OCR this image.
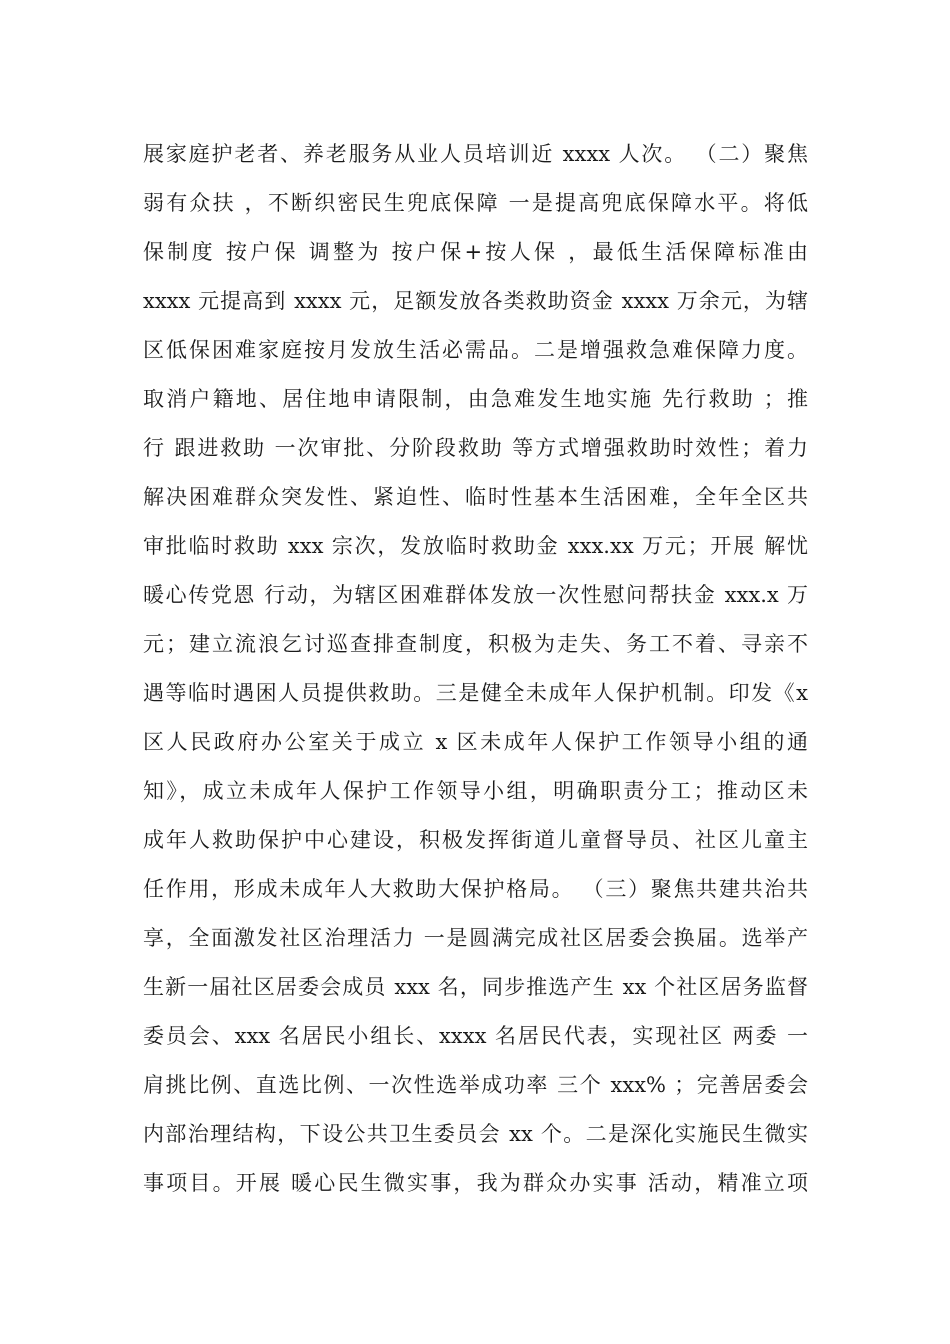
展家庭护老者、养老服务从业人员培训近 xxxx 人次。 （二）聚焦
弱有众扶 ，不断织密民生兜底保障 一是提高兜底保障水平。将低
保制度 按户保 调整为 按户保+按人保 ，最低生活保障标准由
xxxx 元提高到 xxxx 元，足额发放各类救助资金 xxxx 万余元，为辖
区低保困难家庭按月发放生活必需品。二是增强救急难保障力度。
取消户籍地、居住地申请限制，由急难发生地实施 先行救助 ；推
行 跟进救助 一次审批、分阶段救助 等方式增强救助时效性；着力
解决困难群众突发性、紧迫性、临时性基本生活困难，全年全区共
审批临时救助 xxx 宗次，发放临时救助金 xxx.xx 万元；开展 解忧
暖心传党恩 行动，为辖区困难群体发放一次性慰问帮扶金 xxx.x 万
元；建立流浪乞讨巡查排查制度，积极为走失、务工不着、寻亲不
遇等临时遇困人员提供救助。三是健全未成年人保护机制。印发《x
区人民政府办公室关于成立 x 区未成年人保护工作领导小组的通
知》，成立未成年人保护工作领导小组，明确职责分工；推动区未
成年人救助保护中心建设，积极发挥街道儿童督导员、社区儿童主
任作用，形成未成年人大救助大保护格局。 （三）聚焦共建共治共
享，全面激发社区治理活力 一是圆满完成社区居委会换届。选举产
生新一届社区居委会成员 xxx 名，同步推选产生 xx 个社区居务监督
委员会、xxx 名居民小组长、xxxx 名居民代表，实现社区 两委 一
肩挑比例、直选比例、一次性选举成功率 三个 xxx% ；完善居委会
内部治理结构，下设公共卫生委员会 xx 个。二是深化实施民生微实
事项目。开展 暖心民生微实事，我为群众办实事 活动，精准立项
